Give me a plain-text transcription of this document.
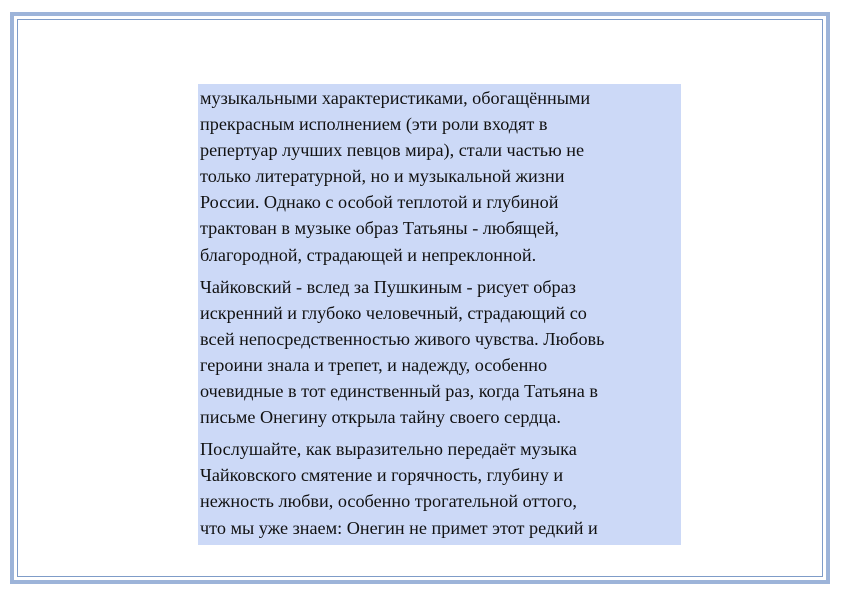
музыкальными характеристиками, обогащёнными
прекрасным исполнением (эти роли входят в
репертуар лучших певцов мира), стали частью не
только литературной, но и музыкальной жизни
России. Однако с особой теплотой и глубиной
трактован в музыке образ Татьяны - любящей,
благородной, страдающей и непреклонной.

Чайковский - вслед за Пушкиным - рисует образ
искренний и глубоко человечный, страдающий со
всей непосредственностью живого чувства. Любовь
героини знала и трепет, и надежду, особенно
очевидные в тот единственный раз, когда Татьяна в
письме Онегину открыла тайну своего сердца.

Послушайте, как выразительно передаёт музыка
Чайковского смятение и горячность, глубину и
нежность любви, особенно трогательной оттого,
что мы уже знаем: Онегин не примет этот редкий и
